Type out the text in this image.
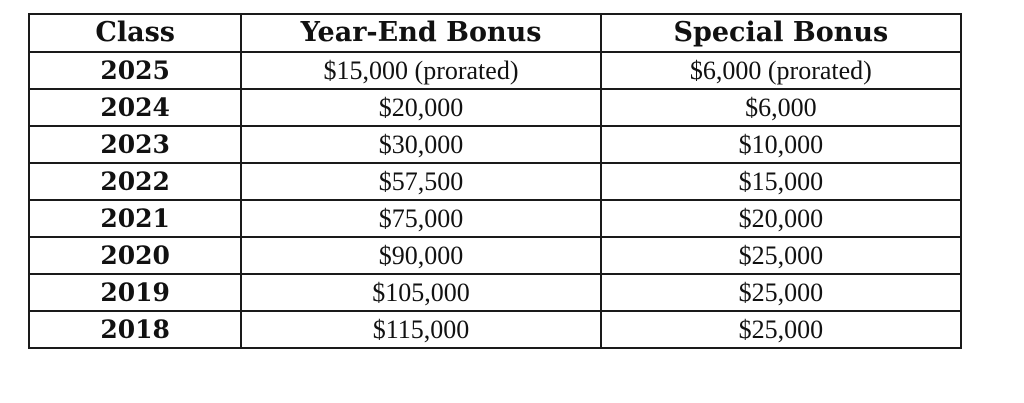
Class	Year-End Bonus	Special Bonus
2025	$15,000 (prorated)	$6,000 (prorated)
2024	$20,000	$6,000
2023	$30,000	$10,000
2022	$57,500	$15,000
2021	$75,000	$20,000
2020	$90,000	$25,000
2019	$105,000	$25,000
2018	$115,000	$25,000
